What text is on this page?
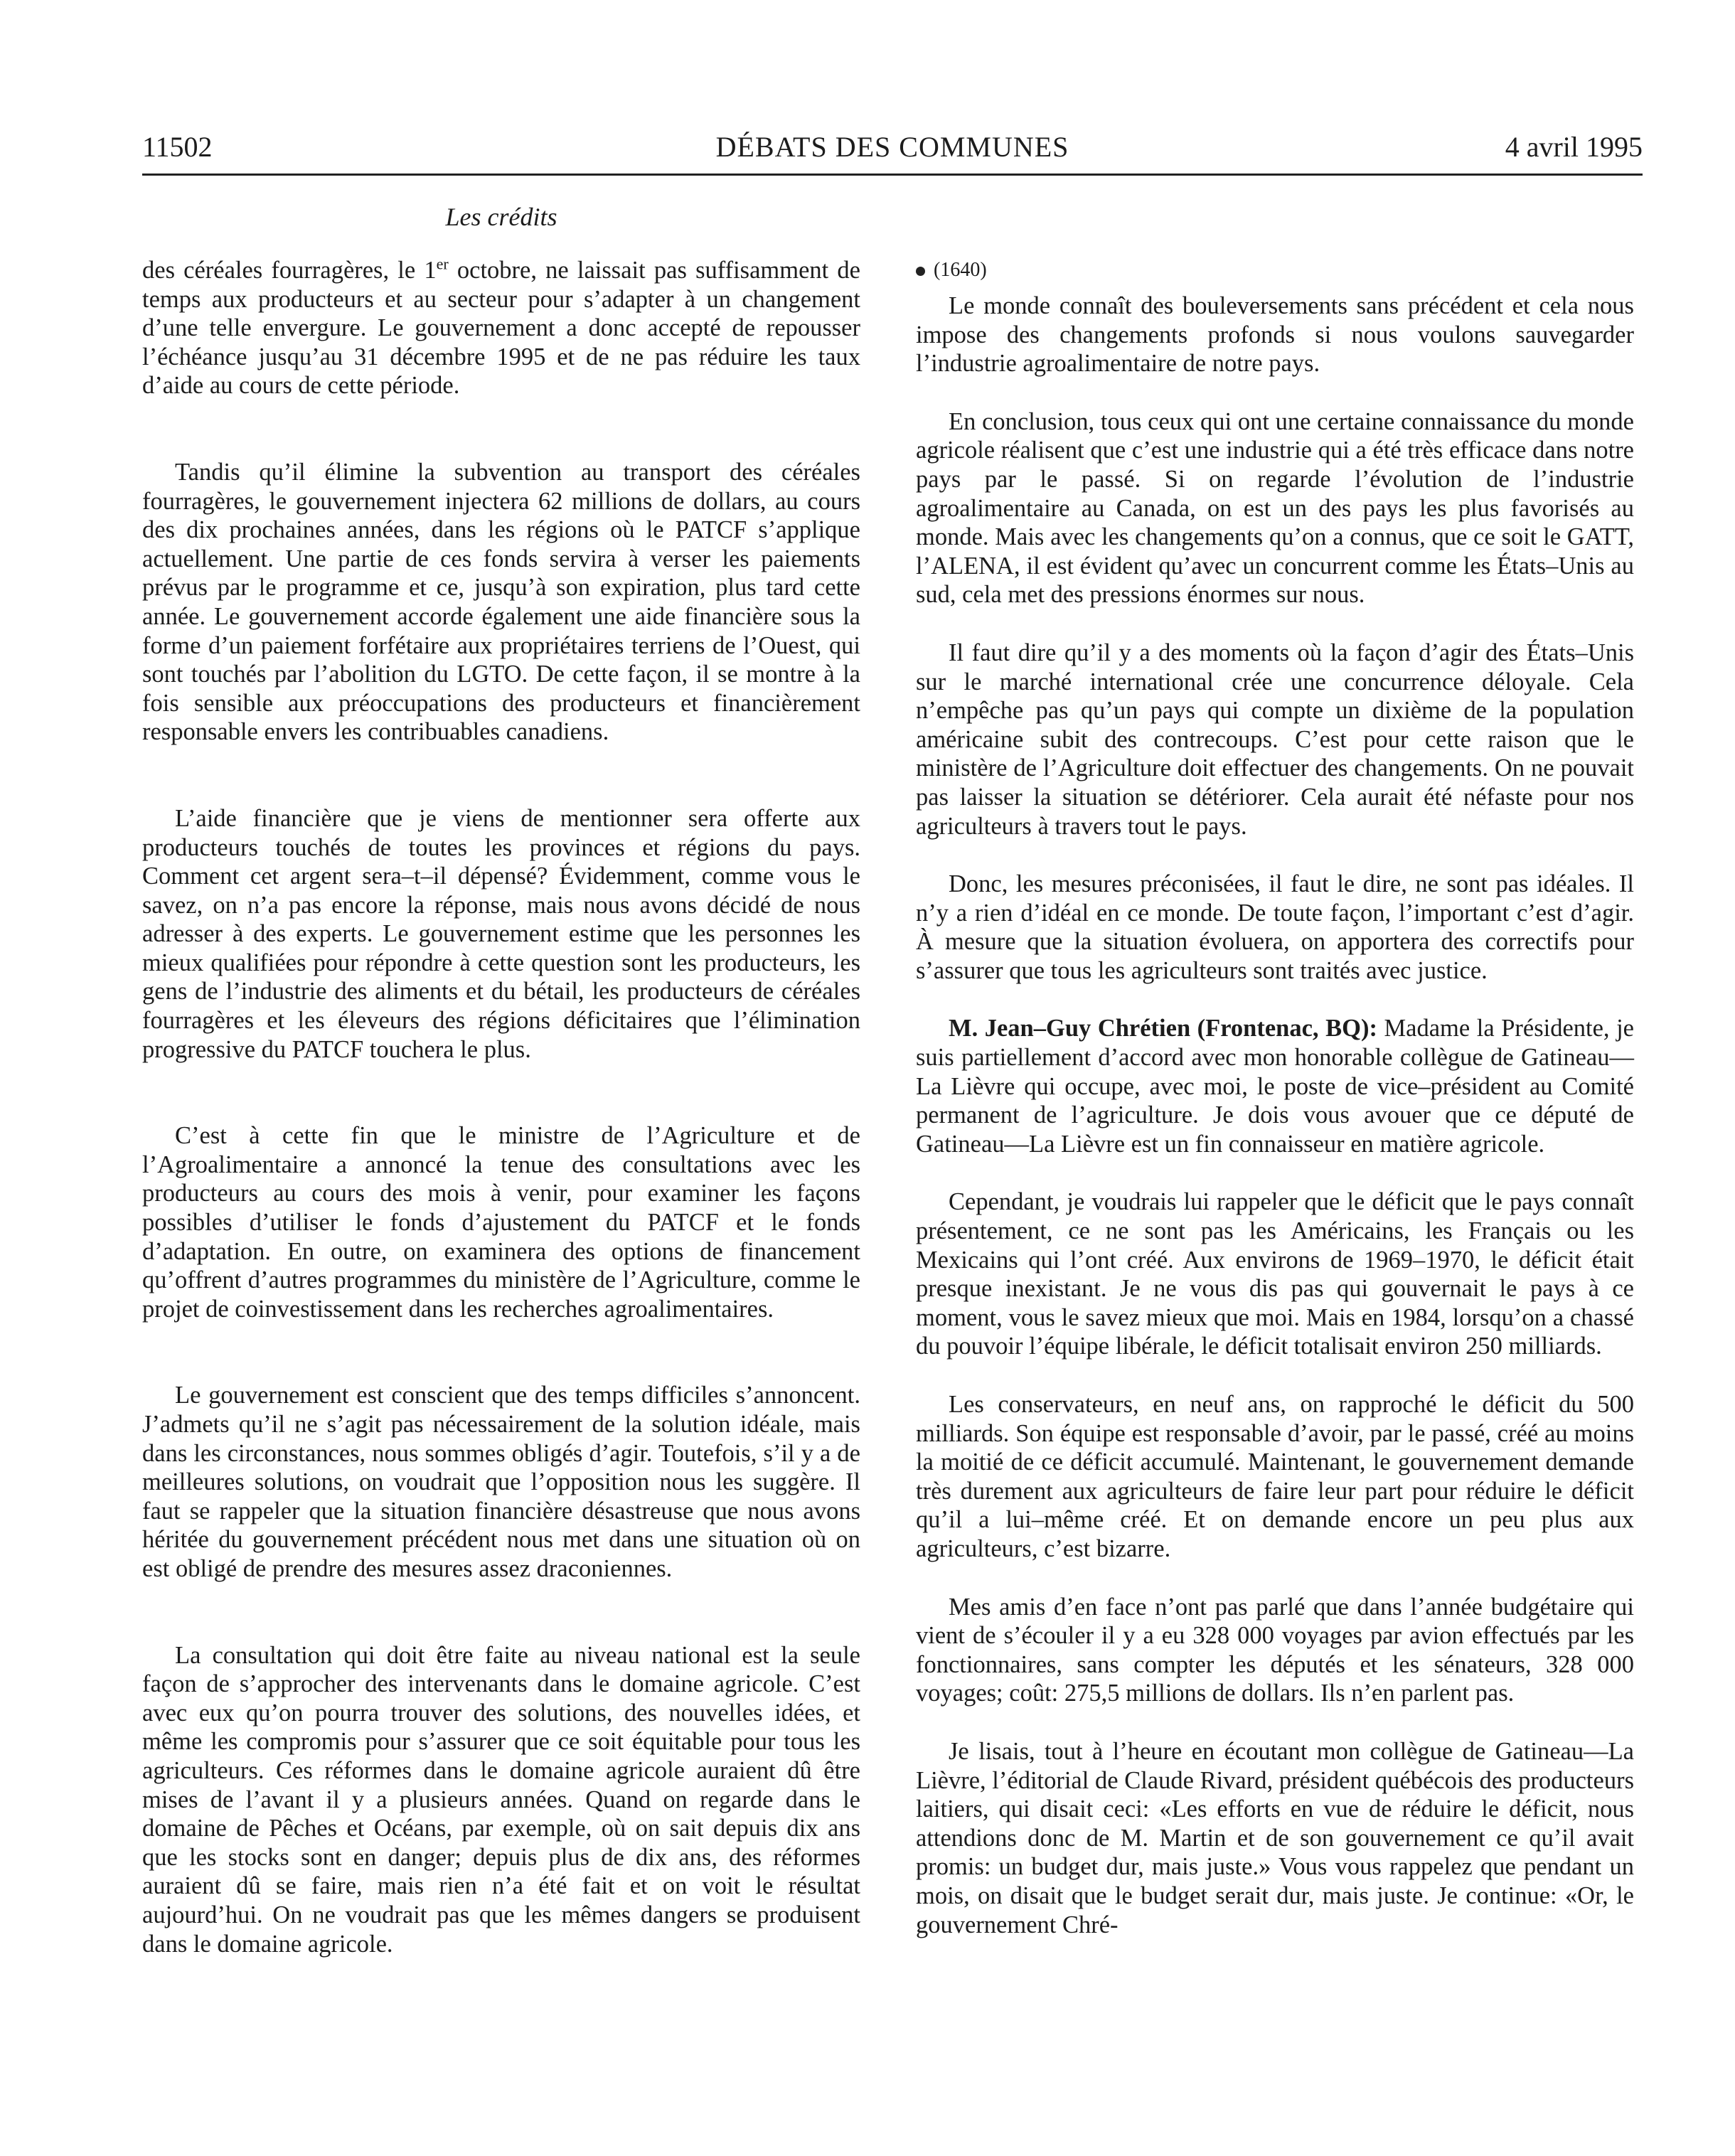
11502	DÉBATS DES COMMUNES	4 avril 1995
Les crédits

des céréales fourragères, le 1er octobre, ne laissait pas suffisamment de temps aux producteurs et au secteur pour s’adapter à un changement d’une telle envergure. Le gouvernement a donc accepté de repousser l’échéance jusqu’au 31 décembre 1995 et de ne pas réduire les taux d’aide au cours de cette période.

Tandis qu’il élimine la subvention au transport des céréales fourragères, le gouvernement injectera 62 millions de dollars, au cours des dix prochaines années, dans les régions où le PATCF s’applique actuellement. Une partie de ces fonds servira à verser les paiements prévus par le programme et ce, jusqu’à son expiration, plus tard cette année. Le gouvernement accorde également une aide financière sous la forme d’un paiement forfétaire aux propriétaires terriens de l’Ouest, qui sont touchés par l’abolition du LGTO. De cette façon, il se montre à la fois sensible aux préoccupations des producteurs et financièrement responsable envers les contribuables canadiens.

L’aide financière que je viens de mentionner sera offerte aux producteurs touchés de toutes les provinces et régions du pays. Comment cet argent sera–t–il dépensé? Évidemment, comme vous le savez, on n’a pas encore la réponse, mais nous avons décidé de nous adresser à des experts. Le gouvernement estime que les personnes les mieux qualifiées pour répondre à cette question sont les producteurs, les gens de l’industrie des aliments et du bétail, les producteurs de céréales fourragères et les éleveurs des régions déficitaires que l’élimination progressive du PATCF touchera le plus.

C’est à cette fin que le ministre de l’Agriculture et de l’Agroalimentaire a annoncé la tenue des consultations avec les producteurs au cours des mois à venir, pour examiner les façons possibles d’utiliser le fonds d’ajustement du PATCF et le fonds d’adaptation. En outre, on examinera des options de financement qu’offrent d’autres programmes du ministère de l’Agriculture, comme le projet de coinvestissement dans les recherches agroalimentaires.

Le gouvernement est conscient que des temps difficiles s’annoncent. J’admets qu’il ne s’agit pas nécessairement de la solution idéale, mais dans les circonstances, nous sommes obligés d’agir. Toutefois, s’il y a de meilleures solutions, on voudrait que l’opposition nous les suggère. Il faut se rappeler que la situation financière désastreuse que nous avons héritée du gouvernement précédent nous met dans une situation où on est obligé de prendre des mesures assez draconiennes.

La consultation qui doit être faite au niveau national est la seule façon de s’approcher des intervenants dans le domaine agricole. C’est avec eux qu’on pourra trouver des solutions, des nouvelles idées, et même les compromis pour s’assurer que ce soit équitable pour tous les agriculteurs. Ces réformes dans le domaine agricole auraient dû être mises de l’avant il y a plusieurs années. Quand on regarde dans le domaine de Pêches et Océans, par exemple, où on sait depuis dix ans que les stocks sont en danger; depuis plus de dix ans, des réformes auraient dû se faire, mais rien n’a été fait et on voit le résultat aujourd’hui. On ne voudrait pas que les mêmes dangers se produisent dans le domaine agricole.

(1640)

Le monde connaît des bouleversements sans précédent et cela nous impose des changements profonds si nous voulons sauvegarder l’industrie agroalimentaire de notre pays.

En conclusion, tous ceux qui ont une certaine connaissance du monde agricole réalisent que c’est une industrie qui a été très efficace dans notre pays par le passé. Si on regarde l’évolution de l’industrie agroalimentaire au Canada, on est un des pays les plus favorisés au monde. Mais avec les changements qu’on a connus, que ce soit le GATT, l’ALENA, il est évident qu’avec un concurrent comme les États–Unis au sud, cela met des pressions énormes sur nous.

Il faut dire qu’il y a des moments où la façon d’agir des États–Unis sur le marché international crée une concurrence déloyale. Cela n’empêche pas qu’un pays qui compte un dixième de la population américaine subit des contrecoups. C’est pour cette raison que le ministère de l’Agriculture doit effectuer des changements. On ne pouvait pas laisser la situation se détériorer. Cela aurait été néfaste pour nos agriculteurs à travers tout le pays.

Donc, les mesures préconisées, il faut le dire, ne sont pas idéales. Il n’y a rien d’idéal en ce monde. De toute façon, l’important c’est d’agir. À mesure que la situation évoluera, on apportera des correctifs pour s’assurer que tous les agriculteurs sont traités avec justice.

M. Jean–Guy Chrétien (Frontenac, BQ): Madame la Présidente, je suis partiellement d’accord avec mon honorable collègue de Gatineau—La Lièvre qui occupe, avec moi, le poste de vice–président au Comité permanent de l’agriculture. Je dois vous avouer que ce député de Gatineau—La Lièvre est un fin connaisseur en matière agricole.

Cependant, je voudrais lui rappeler que le déficit que le pays connaît présentement, ce ne sont pas les Américains, les Français ou les Mexicains qui l’ont créé. Aux environs de 1969–1970, le déficit était presque inexistant. Je ne vous dis pas qui gouvernait le pays à ce moment, vous le savez mieux que moi. Mais en 1984, lorsqu’on a chassé du pouvoir l’équipe libérale, le déficit totalisait environ 250 milliards.

Les conservateurs, en neuf ans, on rapproché le déficit du 500 milliards. Son équipe est responsable d’avoir, par le passé, créé au moins la moitié de ce déficit accumulé. Maintenant, le gouvernement demande très durement aux agriculteurs de faire leur part pour réduire le déficit qu’il a lui–même créé. Et on demande encore un peu plus aux agriculteurs, c’est bizarre.

Mes amis d’en face n’ont pas parlé que dans l’année budgétaire qui vient de s’écouler il y a eu 328 000 voyages par avion effectués par les fonctionnaires, sans compter les députés et les sénateurs, 328 000 voyages; coût: 275,5 millions de dollars. Ils n’en parlent pas.

Je lisais, tout à l’heure en écoutant mon collègue de Gatineau—La Lièvre, l’éditorial de Claude Rivard, président québécois des producteurs laitiers, qui disait ceci: «Les efforts en vue de réduire le déficit, nous attendions donc de M. Martin et de son gouvernement ce qu’il avait promis: un budget dur, mais juste.» Vous vous rappelez que pendant un mois, on disait que le budget serait dur, mais juste. Je continue: «Or, le gouvernement Chré-
